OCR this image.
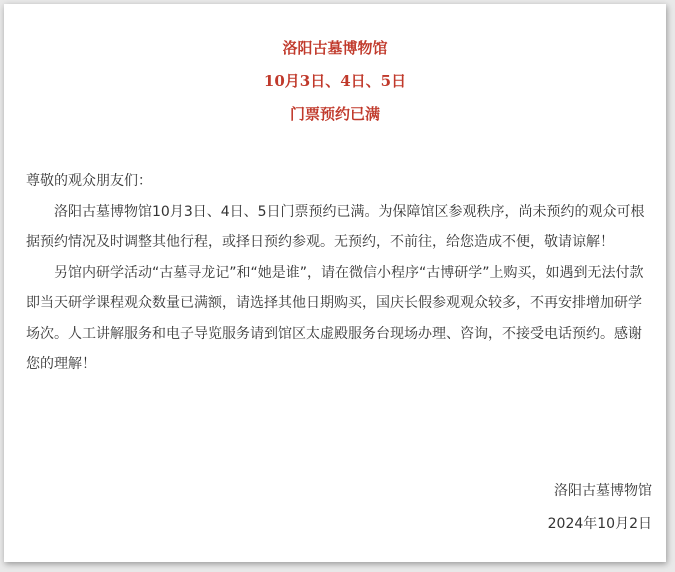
洛阳古墓博物馆
10月3日、4日、5日
门票预约已满

尊敬的观众朋友们：

洛阳古墓博物馆10月3日、4日、5日门票预约已满。为保障馆区参观秩序，尚未预约的观众可根据预约情况及时调整其他行程，或择日预约参观。无预约，不前往，给您造成不便，敬请谅解！

另馆内研学活动“古墓寻龙记”和“她是谁”，请在微信小程序“古博研学”上购买，如遇到无法付款即当天研学课程观众数量已满额，请选择其他日期购买，国庆长假参观观众较多，不再安排增加研学场次。人工讲解服务和电子导览服务请到馆区太虚殿服务台现场办理、咨询，不接受电话预约。感谢您的理解！

洛阳古墓博物馆
2024年10月2日
